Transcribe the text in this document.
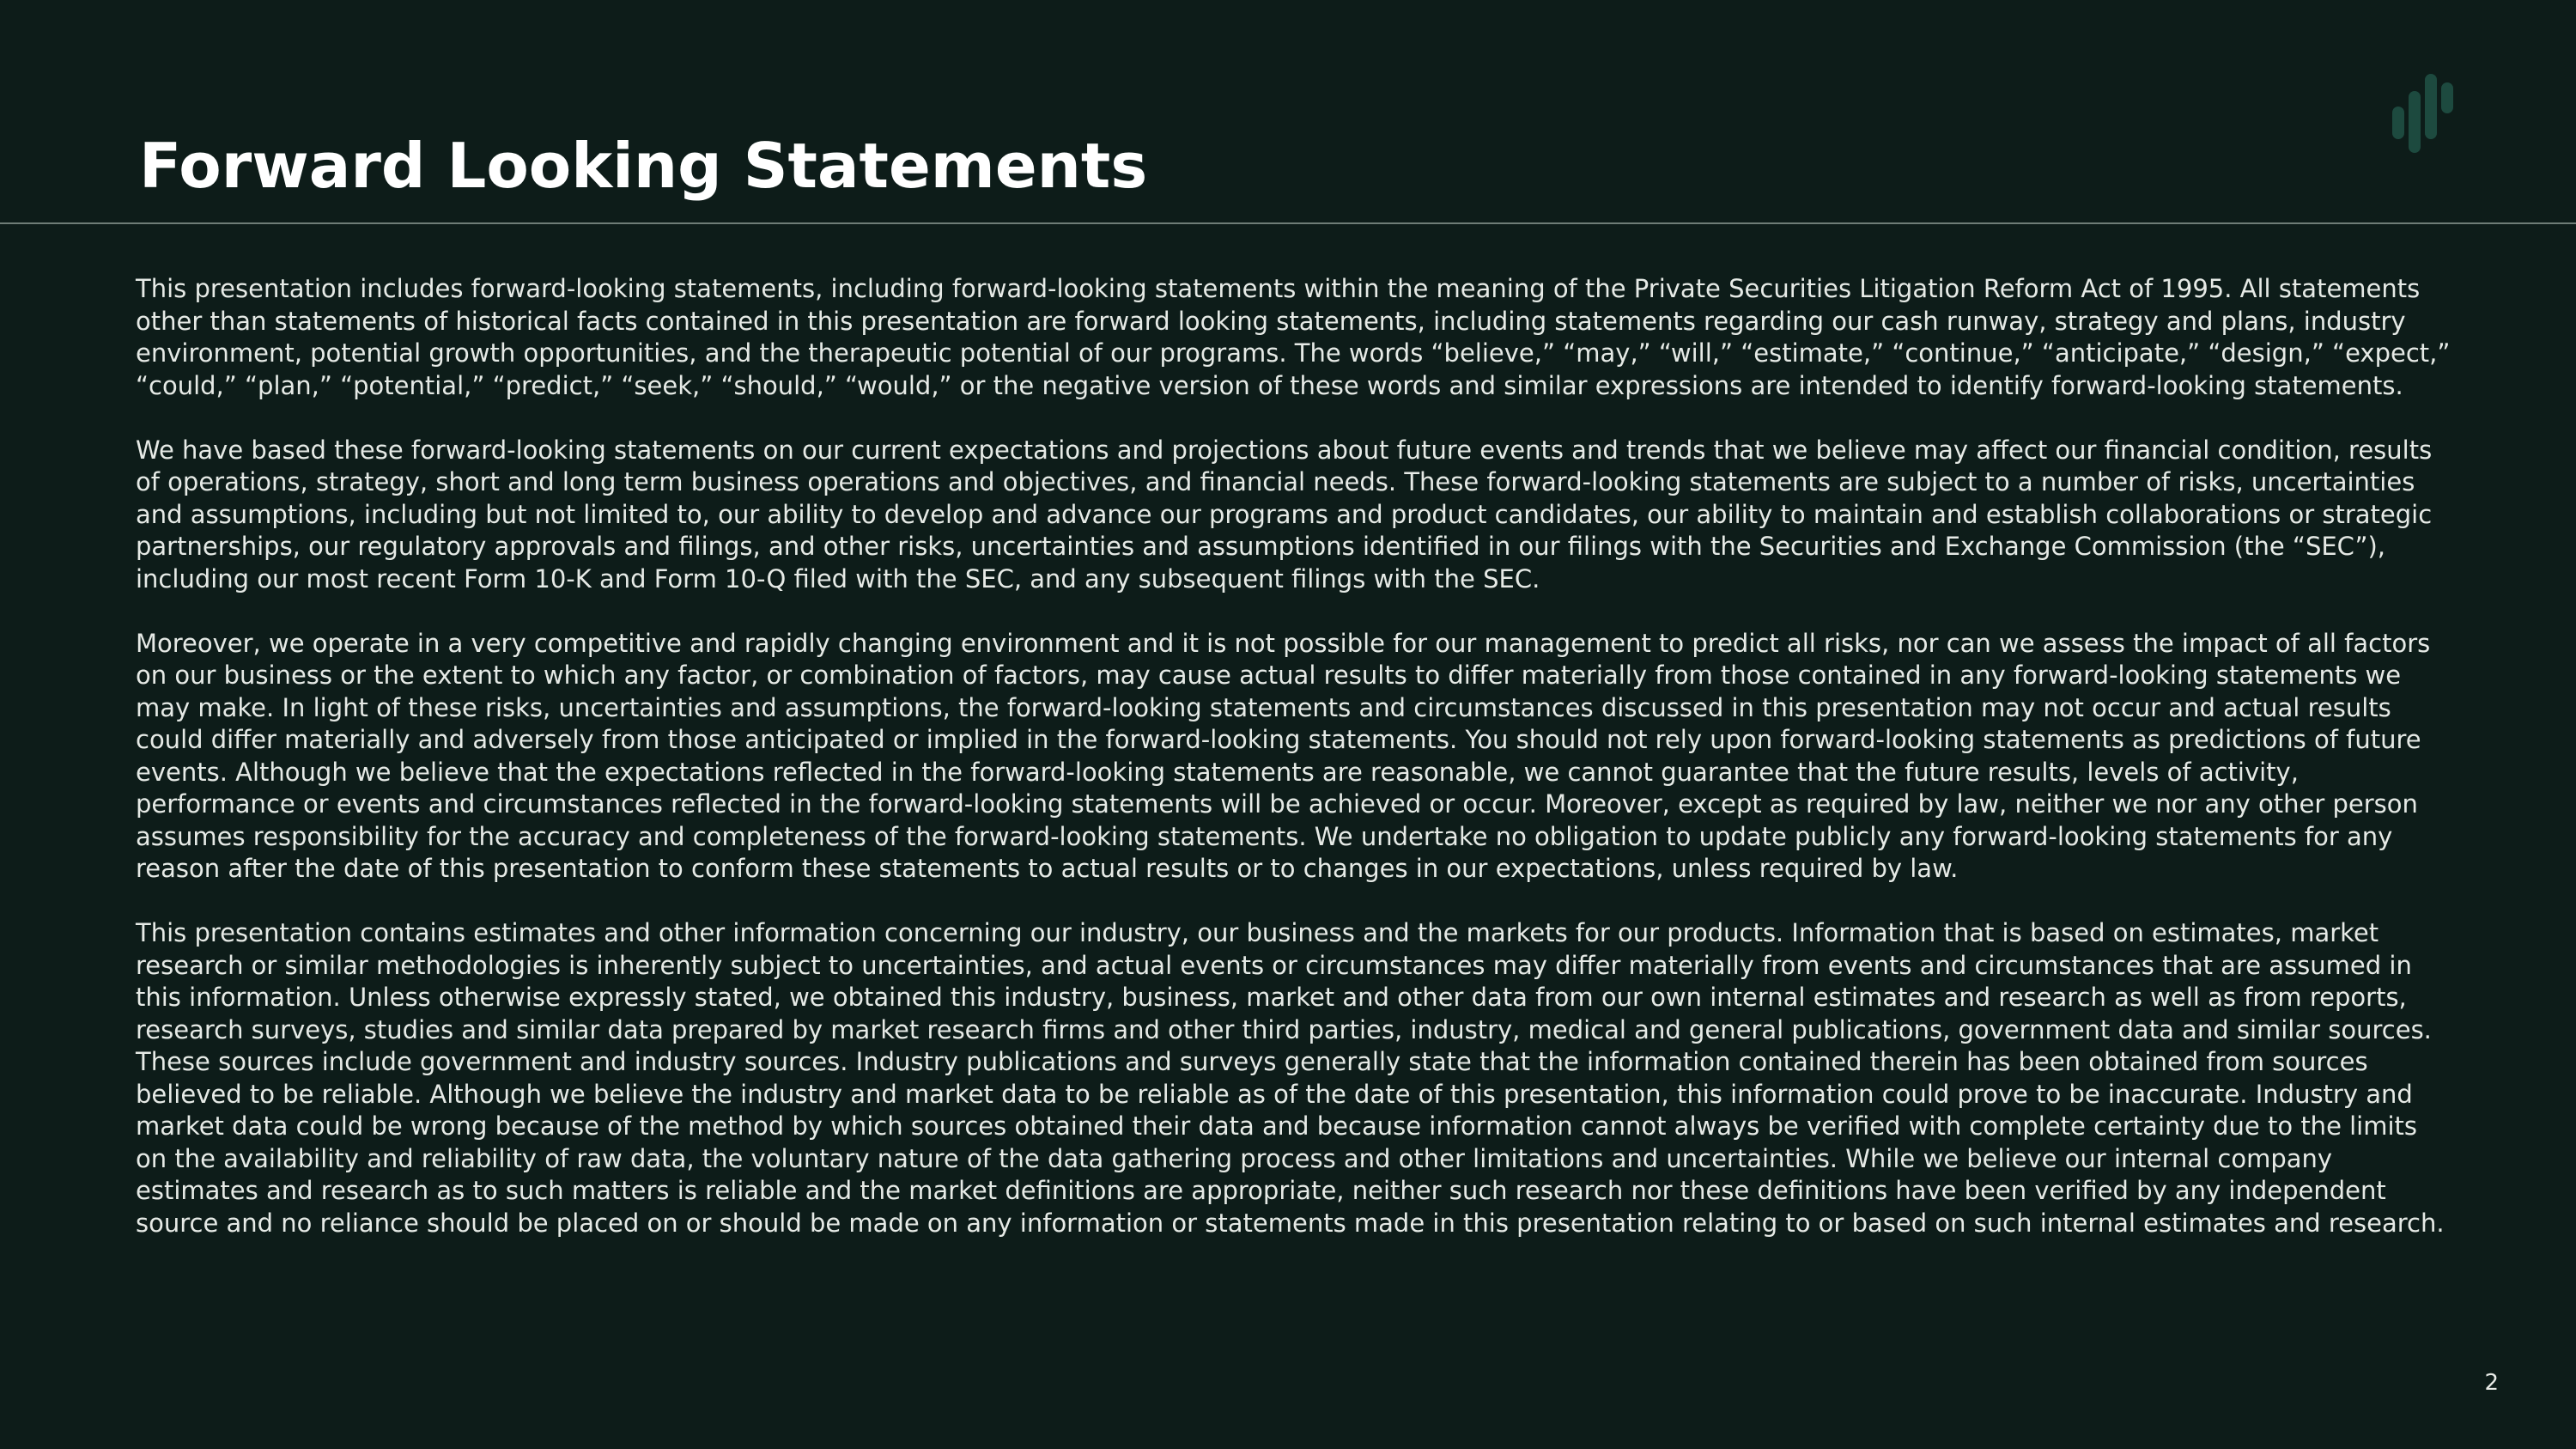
Forward Looking Statements

This presentation includes forward-looking statements, including forward-looking statements within the meaning of the Private Securities Litigation Reform Act of 1995. All statements other than statements of historical facts contained in this presentation are forward looking statements, including statements regarding our cash runway, strategy and plans, industry environment, potential growth opportunities, and the therapeutic potential of our programs. The words “believe,” “may,” “will,” “estimate,” “continue,” “anticipate,” “design,” “expect,” “could,” “plan,” “potential,” “predict,” “seek,” “should,” “would,” or the negative version of these words and similar expressions are intended to identify forward-looking statements.

We have based these forward-looking statements on our current expectations and projections about future events and trends that we believe may affect our financial condition, results of operations, strategy, short and long term business operations and objectives, and financial needs. These forward-looking statements are subject to a number of risks, uncertainties and assumptions, including but not limited to, our ability to develop and advance our programs and product candidates, our ability to maintain and establish collaborations or strategic partnerships, our regulatory approvals and filings, and other risks, uncertainties and assumptions identified in our filings with the Securities and Exchange Commission (the “SEC”), including our most recent Form 10-K and Form 10-Q filed with the SEC, and any subsequent filings with the SEC.

Moreover, we operate in a very competitive and rapidly changing environment and it is not possible for our management to predict all risks, nor can we assess the impact of all factors on our business or the extent to which any factor, or combination of factors, may cause actual results to differ materially from those contained in any forward-looking statements we may make. In light of these risks, uncertainties and assumptions, the forward-looking statements and circumstances discussed in this presentation may not occur and actual results could differ materially and adversely from those anticipated or implied in the forward-looking statements. You should not rely upon forward-looking statements as predictions of future events. Although we believe that the expectations reflected in the forward-looking statements are reasonable, we cannot guarantee that the future results, levels of activity, performance or events and circumstances reflected in the forward-looking statements will be achieved or occur. Moreover, except as required by law, neither we nor any other person assumes responsibility for the accuracy and completeness of the forward-looking statements. We undertake no obligation to update publicly any forward-looking statements for any reason after the date of this presentation to conform these statements to actual results or to changes in our expectations, unless required by law.

This presentation contains estimates and other information concerning our industry, our business and the markets for our products. Information that is based on estimates, market research or similar methodologies is inherently subject to uncertainties, and actual events or circumstances may differ materially from events and circumstances that are assumed in this information. Unless otherwise expressly stated, we obtained this industry, business, market and other data from our own internal estimates and research as well as from reports, research surveys, studies and similar data prepared by market research firms and other third parties, industry, medical and general publications, government data and similar sources. These sources include government and industry sources. Industry publications and surveys generally state that the information contained therein has been obtained from sources believed to be reliable. Although we believe the industry and market data to be reliable as of the date of this presentation, this information could prove to be inaccurate. Industry and market data could be wrong because of the method by which sources obtained their data and because information cannot always be verified with complete certainty due to the limits on the availability and reliability of raw data, the voluntary nature of the data gathering process and other limitations and uncertainties. While we believe our internal company estimates and research as to such matters is reliable and the market definitions are appropriate, neither such research nor these definitions have been verified by any independent source and no reliance should be placed on or should be made on any information or statements made in this presentation relating to or based on such internal estimates and research.

2
